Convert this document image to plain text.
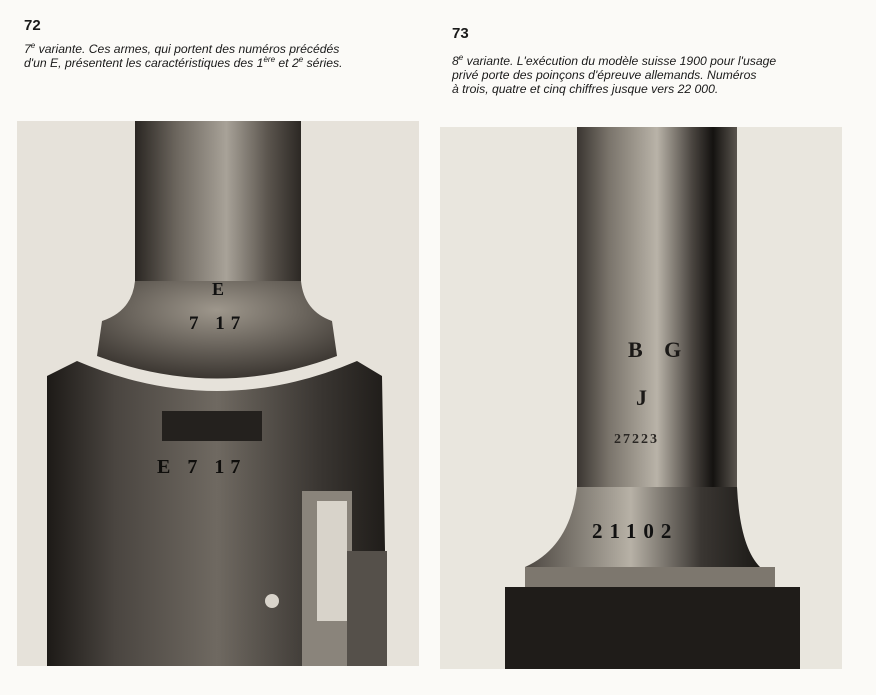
72
7e variante. Ces armes, qui portent des numéros précédés
d'un E, présentent les caractéristiques des 1ère et 2e séries.
E
7 17
E 7 17
73
8e variante. L'exécution du modèle suisse 1900 pour l'usage
privé porte des poinçons d'épreuve allemands. Numéros
à trois, quatre et cinq chiffres jusque vers 22 000.
B G
J
27223
21102
